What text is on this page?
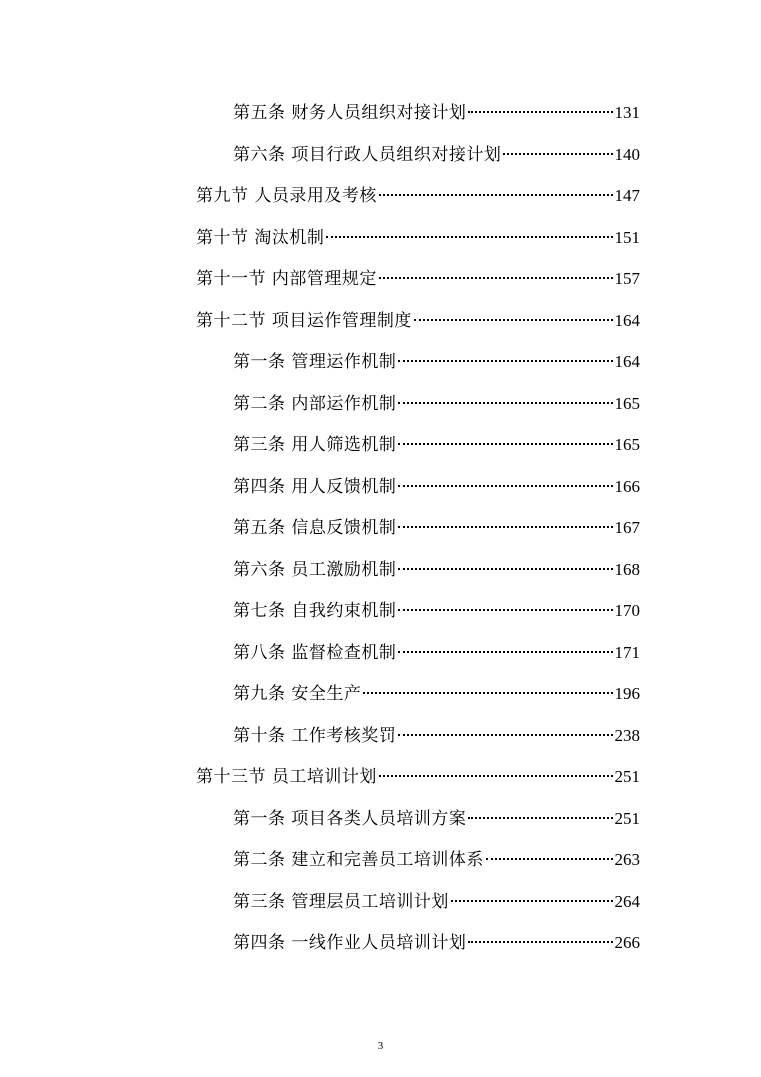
第五条 财务人员组织对接计划	131
第六条 项目行政人员组织对接计划	140
第九节 人员录用及考核	147
第十节 淘汰机制	151
第十一节 内部管理规定	157
第十二节 项目运作管理制度	164
第一条 管理运作机制	164
第二条 内部运作机制	165
第三条 用人筛选机制	165
第四条 用人反馈机制	166
第五条 信息反馈机制	167
第六条 员工激励机制	168
第七条 自我约束机制	170
第八条 监督检查机制	171
第九条 安全生产	196
第十条 工作考核奖罚	238
第十三节 员工培训计划	251
第一条 项目各类人员培训方案	251
第二条 建立和完善员工培训体系	263
第三条 管理层员工培训计划	264
第四条 一线作业人员培训计划	266
3
